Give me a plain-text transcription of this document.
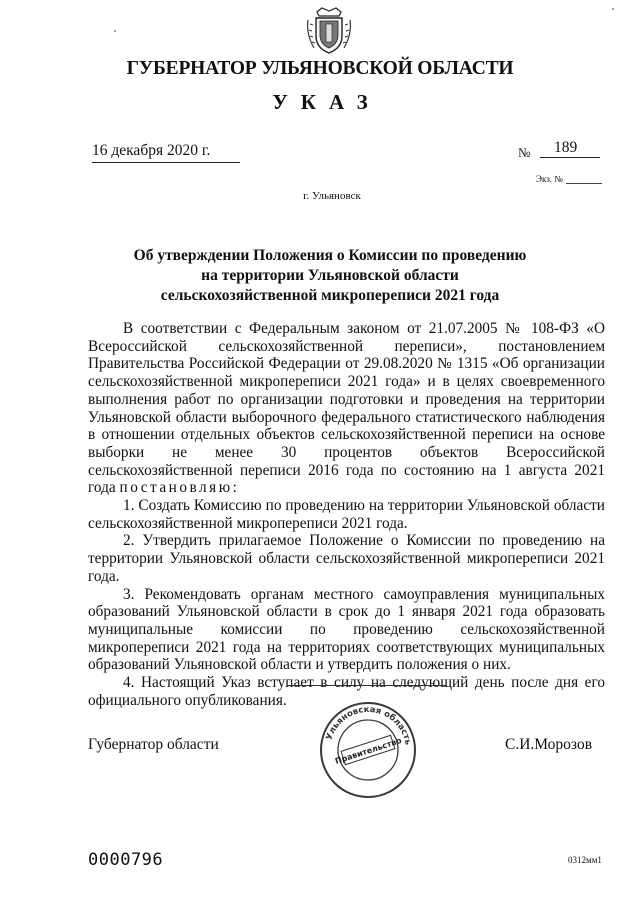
ГУБЕРНАТОР УЛЬЯНОВСКОЙ ОБЛАСТИ
УКАЗ
16 декабря 2020 г.	№	189
Экз. №
г. Ульяновск
Об утверждении Положения о Комиссии по проведению
на территории Ульяновской области
сельскохозяйственной микропереписи 2021 года

В соответствии с Федеральным законом от 21.07.2005 № 108-ФЗ «О Всероссийской сельскохозяйственной переписи», постановлением Правительства Российской Федерации от 29.08.2020 № 1315 «Об организации сельскохозяйственной микропереписи 2021 года» и в целях своевременного выполнения работ по организации подготовки и проведения на территории Ульяновской области выборочного федерального статистического наблюдения в отношении отдельных объектов сельскохозяйственной переписи на основе выборки не менее 30 процентов объектов Всероссийской сельскохозяйственной переписи 2016 года по состоянию на 1 августа 2021 года постановляю:

1. Создать Комиссию по проведению на территории Ульяновской области сельскохозяйственной микропереписи 2021 года.

2. Утвердить прилагаемое Положение о Комиссии по проведению на территории Ульяновской области сельскохозяйственной микропереписи 2021 года.

3. Рекомендовать органам местного самоуправления муниципальных образований Ульяновской области в срок до 1 января 2021 года образовать муниципальные комиссии по проведению сельскохозяйственной микропереписи 2021 года на территориях соответствующих муниципальных образований Ульяновской области и утвердить положения о них.

4. Настоящий Указ вступает в силу на следующий день после дня его официального опубликования.

Ульяновская область
Правительство
Губернатор области	С.И.Морозов
0000796	0312мм1
